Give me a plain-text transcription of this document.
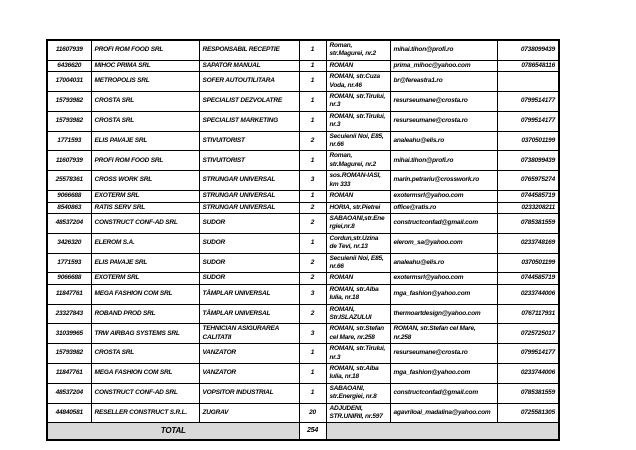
11607939	PROFI ROM FOOD SRL	RESPONSABIL RECEPTIE	1	Roman, str.Magurei, nr.2	mihai.tihon@profi.ro	0738099439
6436620	MIHOC PRIMA SRL	SAPATOR MANUAL	1	ROMAN	prima_mihoc@yahoo.com	0786548116
17004031	METROPOLIS SRL	SOFER AUTOUTILITARA	1	ROMAN, str.Cuza Voda, nr.46	br@fereastra1.ro	
15793982	CROSTA SRL	SPECIALIST DEZVOLATRE	1	ROMAN, str.Tirului, nr.3	resurseumane@crosta.ro	0799514177
15793982	CROSTA SRL	SPECIALIST MARKETING	1	ROMAN, str.Tirului, nr.3	resurseumane@crosta.ro	0799514177
1771593	ELIS PAVAJE SRL	STIVUITORIST	2	Secuienii Noi, E85, nr.66	analeahu@elis.ro	0370501199
11607939	PROFI ROM FOOD SRL	STIVUITORIST	1	Roman, str.Magurei, nr.2	mihai.tihon@profi.ro	0738099439
25578361	CROSS WORK SRL	STRUNGAR UNIVERSAL	3	sos.ROMAN-IASI, km 333	marin.petrariu@crosswork.ro	0765975274
9066688	EXOTERM SRL	STRUNGAR UNIVERSAL	1	ROMAN	exotermsrl@yahoo.com	0744585719
8540863	RATIS SERV SRL	STRUNGAR UNIVERSAL	2	HORIA, str.Pietrei	office@ratis.ro	0233208211
48537204	CONSTRUCT CONF-AD SRL	SUDOR	2	SABAOANI,str.Energiei,nr.8	constructconfad@gmail.com	0785381559
3426320	ELEROM S.A.	SUDOR	1	Cordun,str.Uzina de Tevi, nr.13	elerom_sa@yahoo.com	0233748169
1771593	ELIS PAVAJE SRL	SUDOR	2	Secuienii Noi, E85, nr.66	analeahu@elis.ro	0370501199
9066688	EXOTERM SRL	SUDOR	2	ROMAN	exotermsrl@yahoo.com	0744585719
11847761	MEGA FASHION COM SRL	TÂMPLAR UNIVERSAL	3	ROMAN, str.Alba Iulia, nr.18	mga_fashion@yahoo.com	0233744006
23327843	ROBAND PROD SRL	TÂMPLAR UNIVERSAL	2	ROMAN, Str.ISLAZULUI	thermoartdesign@yahoo.com	0767117931
31039965	TRW AIRBAG SYSTEMS SRL	TEHNICIAN ASIGURAREA CALITATII	3	ROMAN, str.Stefan cel Mare, nr.258	ROMAN, str.Stefan cel Mare, nr.258	0725725017
15793982	CROSTA SRL	VANZATOR	1	ROMAN, str.Tirului, nr.3	resurseumane@crosta.ro	0799514177
11847761	MEGA FASHION COM SRL	VANZATOR	1	ROMAN, str.Alba Iulia, nr.18	mga_fashion@yahoo.com	0233744006
48537204	CONSTRUCT CONF-AD SRL	VOPSITOR INDUSTRIAL	1	SABAOANI, str.Energiei, nr.8	constructconfad@gmail.com	0785381559
44840581	RESELLER CONSTRUCT S.R.L.	ZUGRAV	20	ADJUDENI, STR.UNIRII, nr.597	agavriloai_madalina@yahoo.com	0725581305
TOTAL			254			
